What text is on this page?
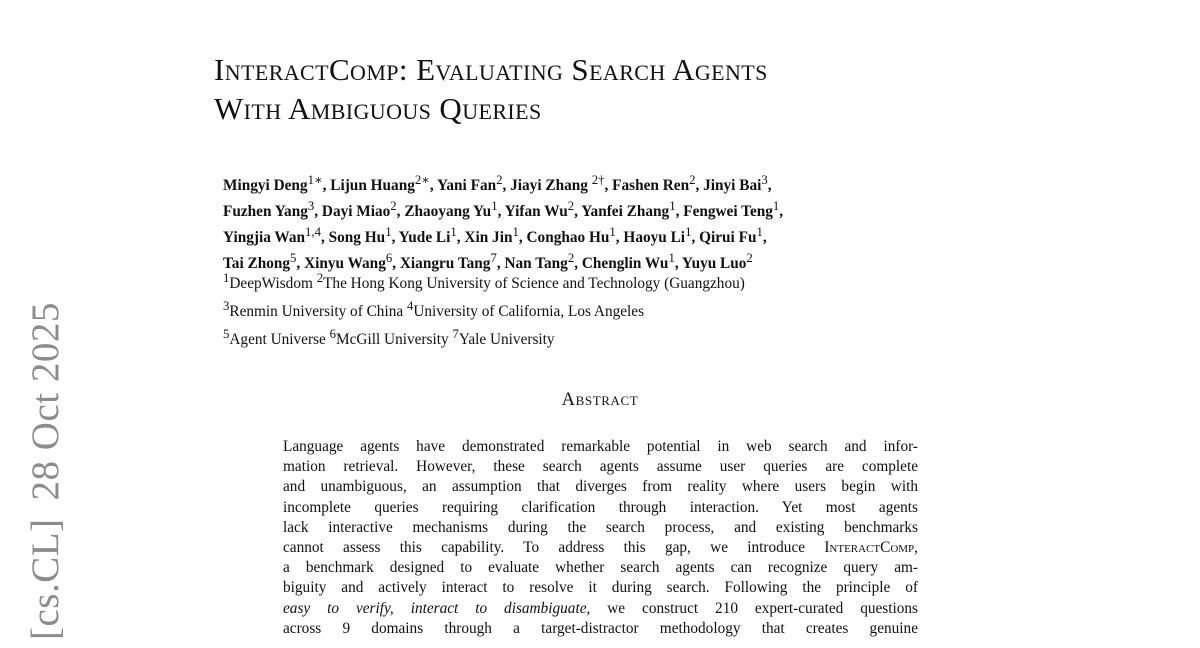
[cs.CL]28 Oct 2025
InteractComp: Evaluating Search Agents
With Ambiguous Queries
Mingyi Deng$^{1∗}$, Lijun Huang$^{2∗}$, Yani Fan$^2$, Jiayi Zhang $^{2\dagger}$, Fashen Ren$^2$, Jinyi Bai$^3$,
Fuzhen Yang$^3$, Dayi Miao$^2$, Zhaoyang Yu$^1$, Yifan Wu$^2$, Yanfei Zhang$^1$, Fengwei Teng$^1$,
Yingjia Wan$^{1,4}$, Song Hu$^1$, Yude Li$^1$, Xin Jin$^1$, Conghao Hu$^1$, Haoyu Li$^1$, Qirui Fu$^1$,
Tai Zhong$^5$, Xinyu Wang$^6$, Xiangru Tang$^7$, Nan Tang$^2$, Chenglin Wu$^1$, Yuyu Luo$^2$
$^1$DeepWisdom $^2$The Hong Kong University of Science and Technology (Guangzhou)
$^3$Renmin University of China $^4$University of California, Los Angeles
$^5$Agent Universe $^6$McGill University $^7$Yale University
Abstract
Language agents have demonstrated remarkable potential in web search and infor-
mation retrieval. However, these search agents assume user queries are complete
and unambiguous, an assumption that diverges from reality where users begin with
incomplete queries requiring clarification through interaction. Yet most agents
lack interactive mechanisms during the search process, and existing benchmarks
cannot assess this capability. To address this gap, we introduce InteractComp,
a benchmark designed to evaluate whether search agents can recognize query am-
biguity and actively interact to resolve it during search. Following the principle of
easy to verify, interact to disambiguate, we construct 210 expert-curated questions
across 9 domains through a target-distractor methodology that creates genuine
